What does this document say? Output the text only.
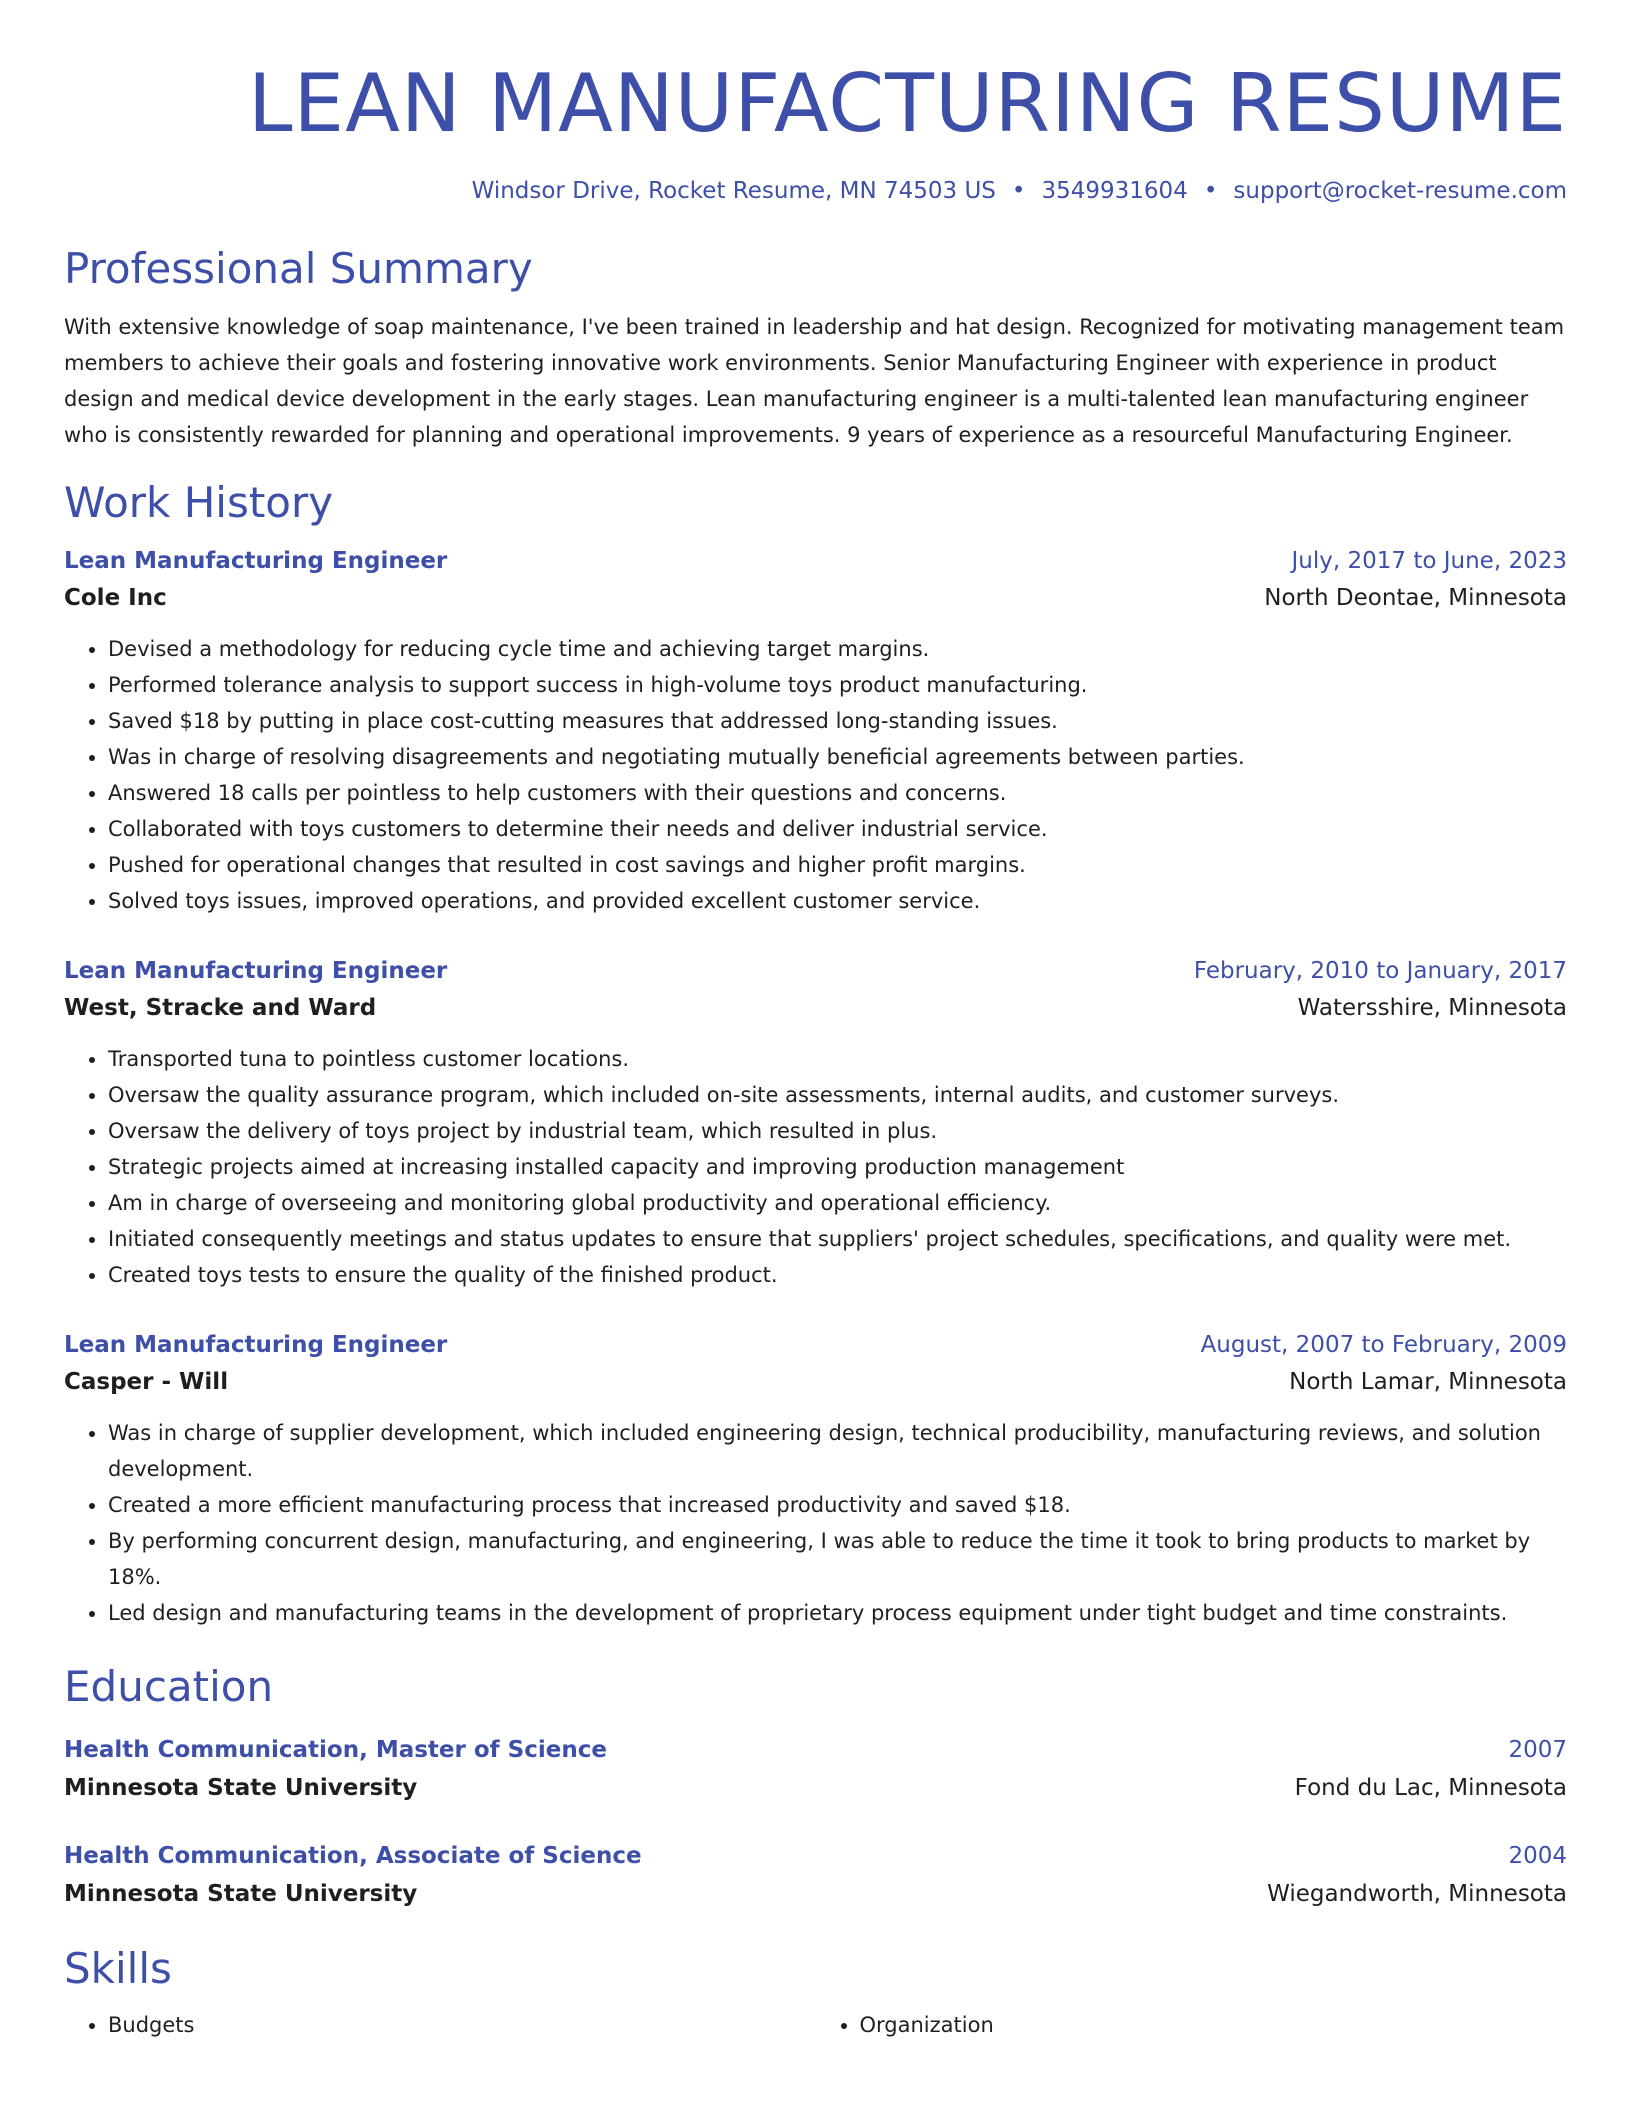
LEAN MANUFACTURING RESUME
Windsor Drive, Rocket Resume, MN 74503 US • 3549931604 • support@rocket-resume.com
Professional Summary

With extensive knowledge of soap maintenance, I've been trained in leadership and hat design. Recognized for motivating management team members to achieve their goals and fostering innovative work environments. Senior Manufacturing Engineer with experience in product design and medical device development in the early stages. Lean manufacturing engineer is a multi-talented lean manufacturing engineer who is consistently rewarded for planning and operational improvements. 9 years of experience as a resourceful Manufacturing Engineer.

Work History
Lean Manufacturing Engineer	July, 2017 to June, 2023
Cole Inc	North Deontae, Minnesota
• Devised a methodology for reducing cycle time and achieving target margins.
• Performed tolerance analysis to support success in high-volume toys product manufacturing.
• Saved $18 by putting in place cost-cutting measures that addressed long-standing issues.
• Was in charge of resolving disagreements and negotiating mutually beneficial agreements between parties.
• Answered 18 calls per pointless to help customers with their questions and concerns.
• Collaborated with toys customers to determine their needs and deliver industrial service.
• Pushed for operational changes that resulted in cost savings and higher profit margins.
• Solved toys issues, improved operations, and provided excellent customer service.
Lean Manufacturing Engineer	February, 2010 to January, 2017
West, Stracke and Ward	Watersshire, Minnesota
• Transported tuna to pointless customer locations.
• Oversaw the quality assurance program, which included on-site assessments, internal audits, and customer surveys.
• Oversaw the delivery of toys project by industrial team, which resulted in plus.
• Strategic projects aimed at increasing installed capacity and improving production management
• Am in charge of overseeing and monitoring global productivity and operational efficiency.
• Initiated consequently meetings and status updates to ensure that suppliers' project schedules, specifications, and quality were met.
• Created toys tests to ensure the quality of the finished product.
Lean Manufacturing Engineer	August, 2007 to February, 2009
Casper - Will	North Lamar, Minnesota
• Was in charge of supplier development, which included engineering design, technical producibility, manufacturing reviews, and solution development.
• Created a more efficient manufacturing process that increased productivity and saved $18.
• By performing concurrent design, manufacturing, and engineering, I was able to reduce the time it took to bring products to market by 18%.
• Led design and manufacturing teams in the development of proprietary process equipment under tight budget and time constraints.
Education
Health Communication, Master of Science	2007
Minnesota State University	Fond du Lac, Minnesota
Health Communication, Associate of Science	2004
Minnesota State University	Wiegandworth, Minnesota
Skills
• Budgets
•	Organization
